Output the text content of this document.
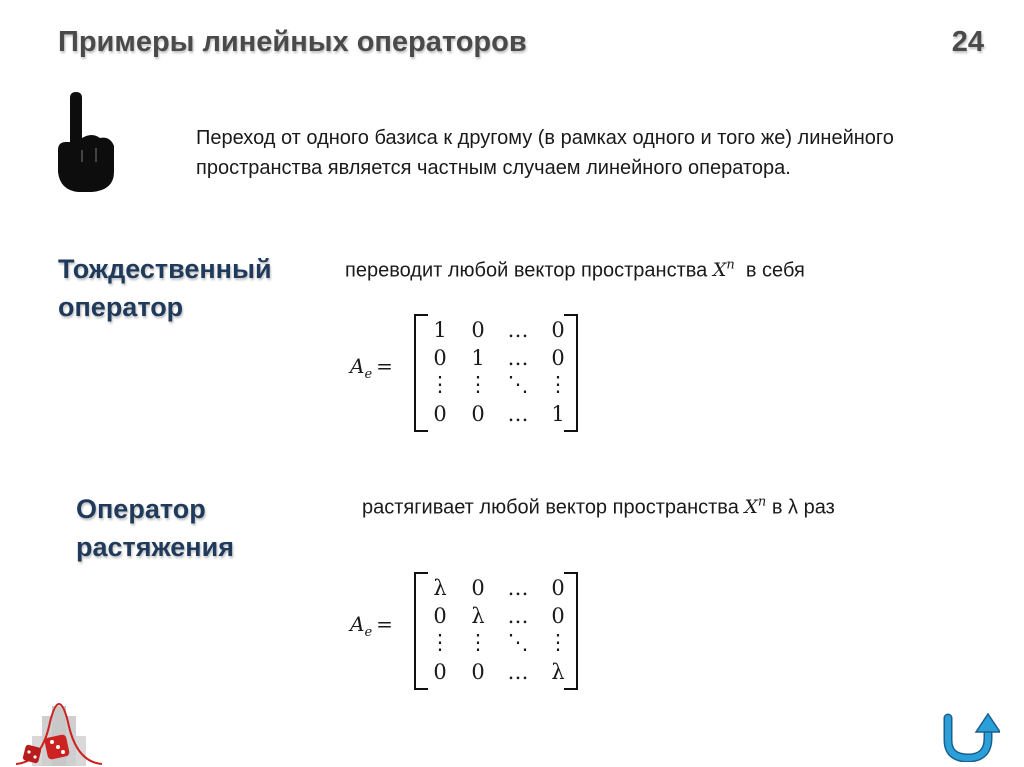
Примеры линейных операторов	24
Переход от одного базиса к другому (в рамках одного и того же) линейного пространства является частным случаем линейного оператора.
Тождественный
оператор
переводит любой вектор пространства $X^n$ в себя
$A_e$ =
1 0 … 0
0 1 … 0
⋮ ⋮ ⋱ ⋮
0 0 … 1
Оператор
растяжения
растягивает любой вектор пространства $X^n$ в λ раз
$A_e$ =
λ 0 … 0
0 λ … 0
⋮ ⋮ ⋱ ⋮
0 0 … λ
